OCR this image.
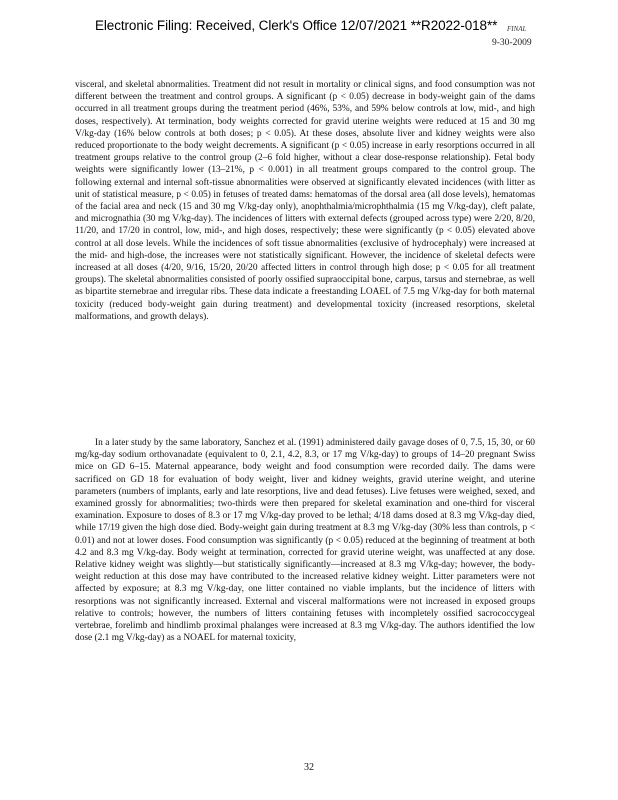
Electronic Filing: Received, Clerk's Office 12/07/2021 **R2022-018** FINAL
9-30-2009

visceral, and skeletal abnormalities. Treatment did not result in mortality or clinical signs, and food consumption was not different between the treatment and control groups. A significant (p < 0.05) decrease in body-weight gain of the dams occurred in all treatment groups during the treatment period (46%, 53%, and 59% below controls at low, mid-, and high doses, respectively). At termination, body weights corrected for gravid uterine weights were reduced at 15 and 30 mg V/kg-day (16% below controls at both doses; p < 0.05). At these doses, absolute liver and kidney weights were also reduced proportionate to the body weight decrements. A significant (p < 0.05) increase in early resorptions occurred in all treatment groups relative to the control group (2–6 fold higher, without a clear dose-response relationship). Fetal body weights were significantly lower (13–21%, p < 0.001) in all treatment groups compared to the control group. The following external and internal soft-tissue abnormalities were observed at significantly elevated incidences (with litter as unit of statistical measure, p < 0.05) in fetuses of treated dams: hematomas of the dorsal area (all dose levels), hematomas of the facial area and neck (15 and 30 mg V/kg-day only), anophthalmia/microphthalmia (15 mg V/kg-day), cleft palate, and micrognathia (30 mg V/kg-day). The incidences of litters with external defects (grouped across type) were 2/20, 8/20, 11/20, and 17/20 in control, low, mid-, and high doses, respectively; these were significantly (p < 0.05) elevated above control at all dose levels. While the incidences of soft tissue abnormalities (exclusive of hydrocephaly) were increased at the mid- and high-dose, the increases were not statistically significant. However, the incidence of skeletal defects were increased at all doses (4/20, 9/16, 15/20, 20/20 affected litters in control through high dose; p < 0.05 for all treatment groups). The skeletal abnormalities consisted of poorly ossified supraoccipital bone, carpus, tarsus and sternebrae, as well as bipartite sternebrae and irregular ribs. These data indicate a freestanding LOAEL of 7.5 mg V/kg-day for both maternal toxicity (reduced body-weight gain during treatment) and developmental toxicity (increased resorptions, skeletal malformations, and growth delays).

In a later study by the same laboratory, Sanchez et al. (1991) administered daily gavage doses of 0, 7.5, 15, 30, or 60 mg/kg-day sodium orthovanadate (equivalent to 0, 2.1, 4.2, 8.3, or 17 mg V/kg-day) to groups of 14–20 pregnant Swiss mice on GD 6–15. Maternal appearance, body weight and food consumption were recorded daily. The dams were sacrificed on GD 18 for evaluation of body weight, liver and kidney weights, gravid uterine weight, and uterine parameters (numbers of implants, early and late resorptions, live and dead fetuses). Live fetuses were weighed, sexed, and examined grossly for abnormalities; two-thirds were then prepared for skeletal examination and one-third for visceral examination. Exposure to doses of 8.3 or 17 mg V/kg-day proved to be lethal; 4/18 dams dosed at 8.3 mg V/kg-day died, while 17/19 given the high dose died. Body-weight gain during treatment at 8.3 mg V/kg-day (30% less than controls, p < 0.01) and not at lower doses. Food consumption was significantly (p < 0.05) reduced at the beginning of treatment at both 4.2 and 8.3 mg V/kg-day. Body weight at termination, corrected for gravid uterine weight, was unaffected at any dose. Relative kidney weight was slightly—but statistically significantly—increased at 8.3 mg V/kg-day; however, the body-weight reduction at this dose may have contributed to the increased relative kidney weight. Litter parameters were not affected by exposure; at 8.3 mg V/kg-day, one litter contained no viable implants, but the incidence of litters with resorptions was not significantly increased. External and visceral malformations were not increased in exposed groups relative to controls; however, the numbers of litters containing fetuses with incompletely ossified sacrococcygeal vertebrae, forelimb and hindlimb proximal phalanges were increased at 8.3 mg V/kg-day. The authors identified the low dose (2.1 mg V/kg-day) as a NOAEL for maternal toxicity,

32
